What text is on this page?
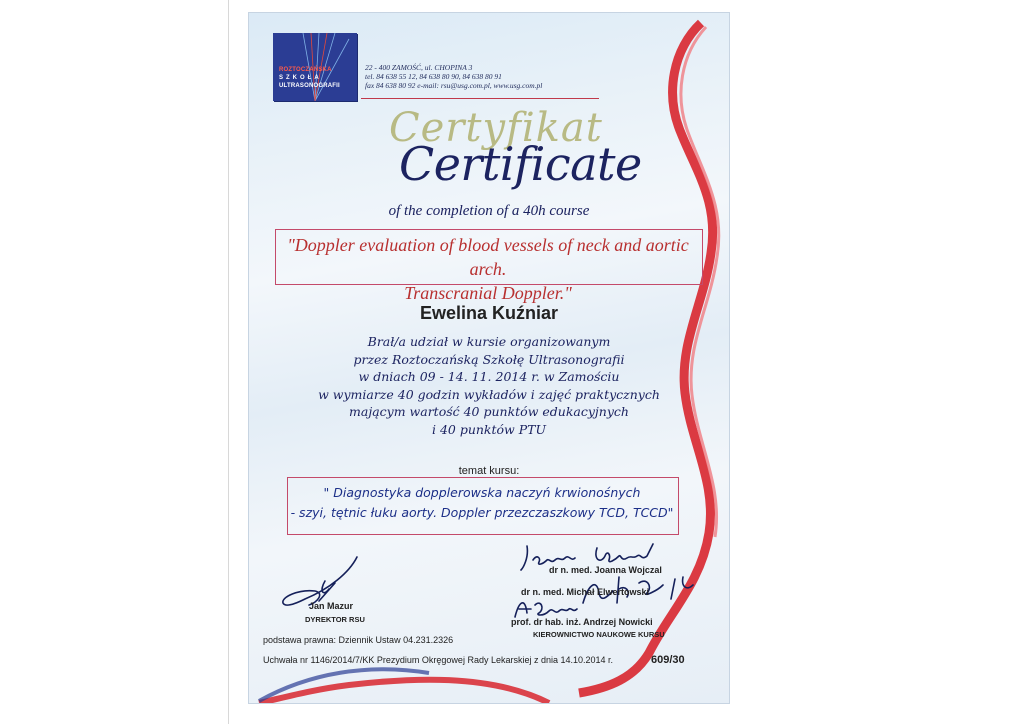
ROZTOCZAŃSKA
SZKOŁA
ULTRASONOGRAFII
22 - 400 ZAMOŚĆ, ul. CHOPINA 3
tel. 84 638 55 12, 84 638 80 90, 84 638 80 91
fax 84 638 80 92 e-mail: rsu@usg.com.pl, www.usg.com.pl
Certyfikat
Certificate
of the completion of a 40h course
"Doppler evaluation of blood vessels of neck and aortic arch.
Transcranial Doppler."
Ewelina Kuźniar
Brał/a udział w kursie organizowanym
przez Roztoczańską Szkołę Ultrasonografii
w dniach 09 - 14. 11. 2014 r. w Zamościu
w wymiarze 40 godzin wykładów i zajęć praktycznych
mającym wartość 40 punktów edukacyjnych
i 40 punktów PTU
temat kursu:
" Diagnostyka dopplerowska naczyń krwionośnych
- szyi, tętnic łuku aorty. Doppler przezczaszkowy TCD, TCCD"
dr n. med. Joanna Wojczal
dr n. med. Michał Elwertowski
prof. dr hab. inż. Andrzej Nowicki
KIEROWNICTWO NAUKOWE KURSU
Jan Mazur
DYREKTOR RSU
podstawa prawna: Dziennik Ustaw 04.231.2326
Uchwała nr 1146/2014/7/KK Prezydium Okręgowej Rady Lekarskiej z dnia 14.10.2014 r.	609/30
